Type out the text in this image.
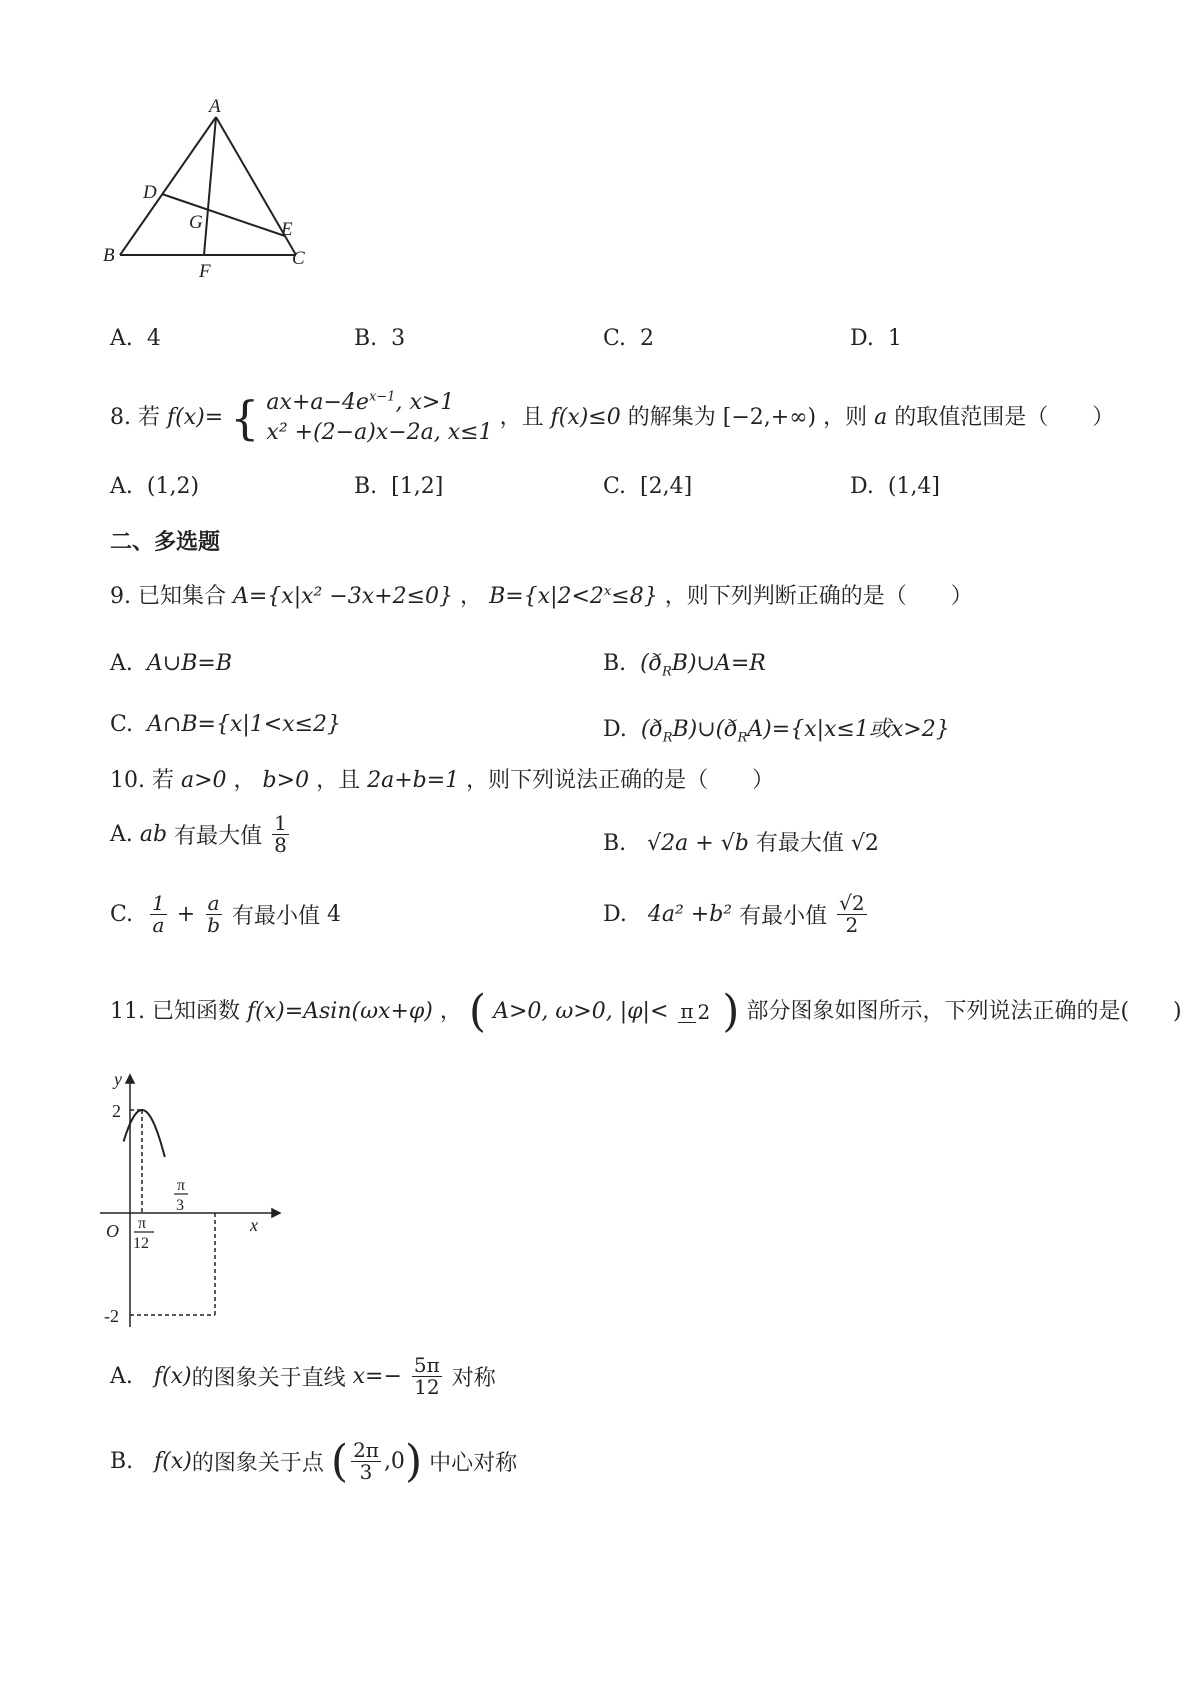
A
B	C
D
E
F
G
A. 4	B. 3	C. 2	D. 1
8. 若 f(x)= { $ax+a-4e^{x-1}$, x>1
x² +(2−a)x−2a, x≤1
，且 f(x)≤0 的解集为 [−2,+∞) ，则 a 的取值范围是（　　）
A. (1,2)	B. [1,2]	C. [2,4]	D. (1,4]
二、多选题
9. 已知集合 A={x|x² −3x+2≤0} ， $B=\{x|2<2^x\le 8\}$ ，则下列判断正确的是（　　）
A. A∪B=B	B. $(ð_RB)\cup A=R$
C. A∩B={x|1<x≤2}	D. $(ð_RB)\cup(ð_RA)=\{x|x\le 1$或x>2}
10. 若 a>0 ， b>0 ，且 2a+b=1 ，则下列说法正确的是（　　）
A. ab 有最大值 $\frac{1}{8}$	B. √2a + √b 有最大值 √2
C. $\frac{1}{a} + \frac{a}{b}$ 有最小值 4	D. 4a² +b² 有最小值 $\frac{√2}{2}$
11. 已知函数 f(x)=Asin(ωx+φ) ， ( A>0, ω>0, |φ|< π 2 ) 部分图象如图所示，下列说法正确的是(　　)
y
x
O
2
-2
π
12
π
3
A. f(x)的图象关于直线 $x=- \frac{5\pi}{12}$ 对称
B. f(x)的图象关于点 ( $\frac{2\pi}{3} ,0$) 中心对称
